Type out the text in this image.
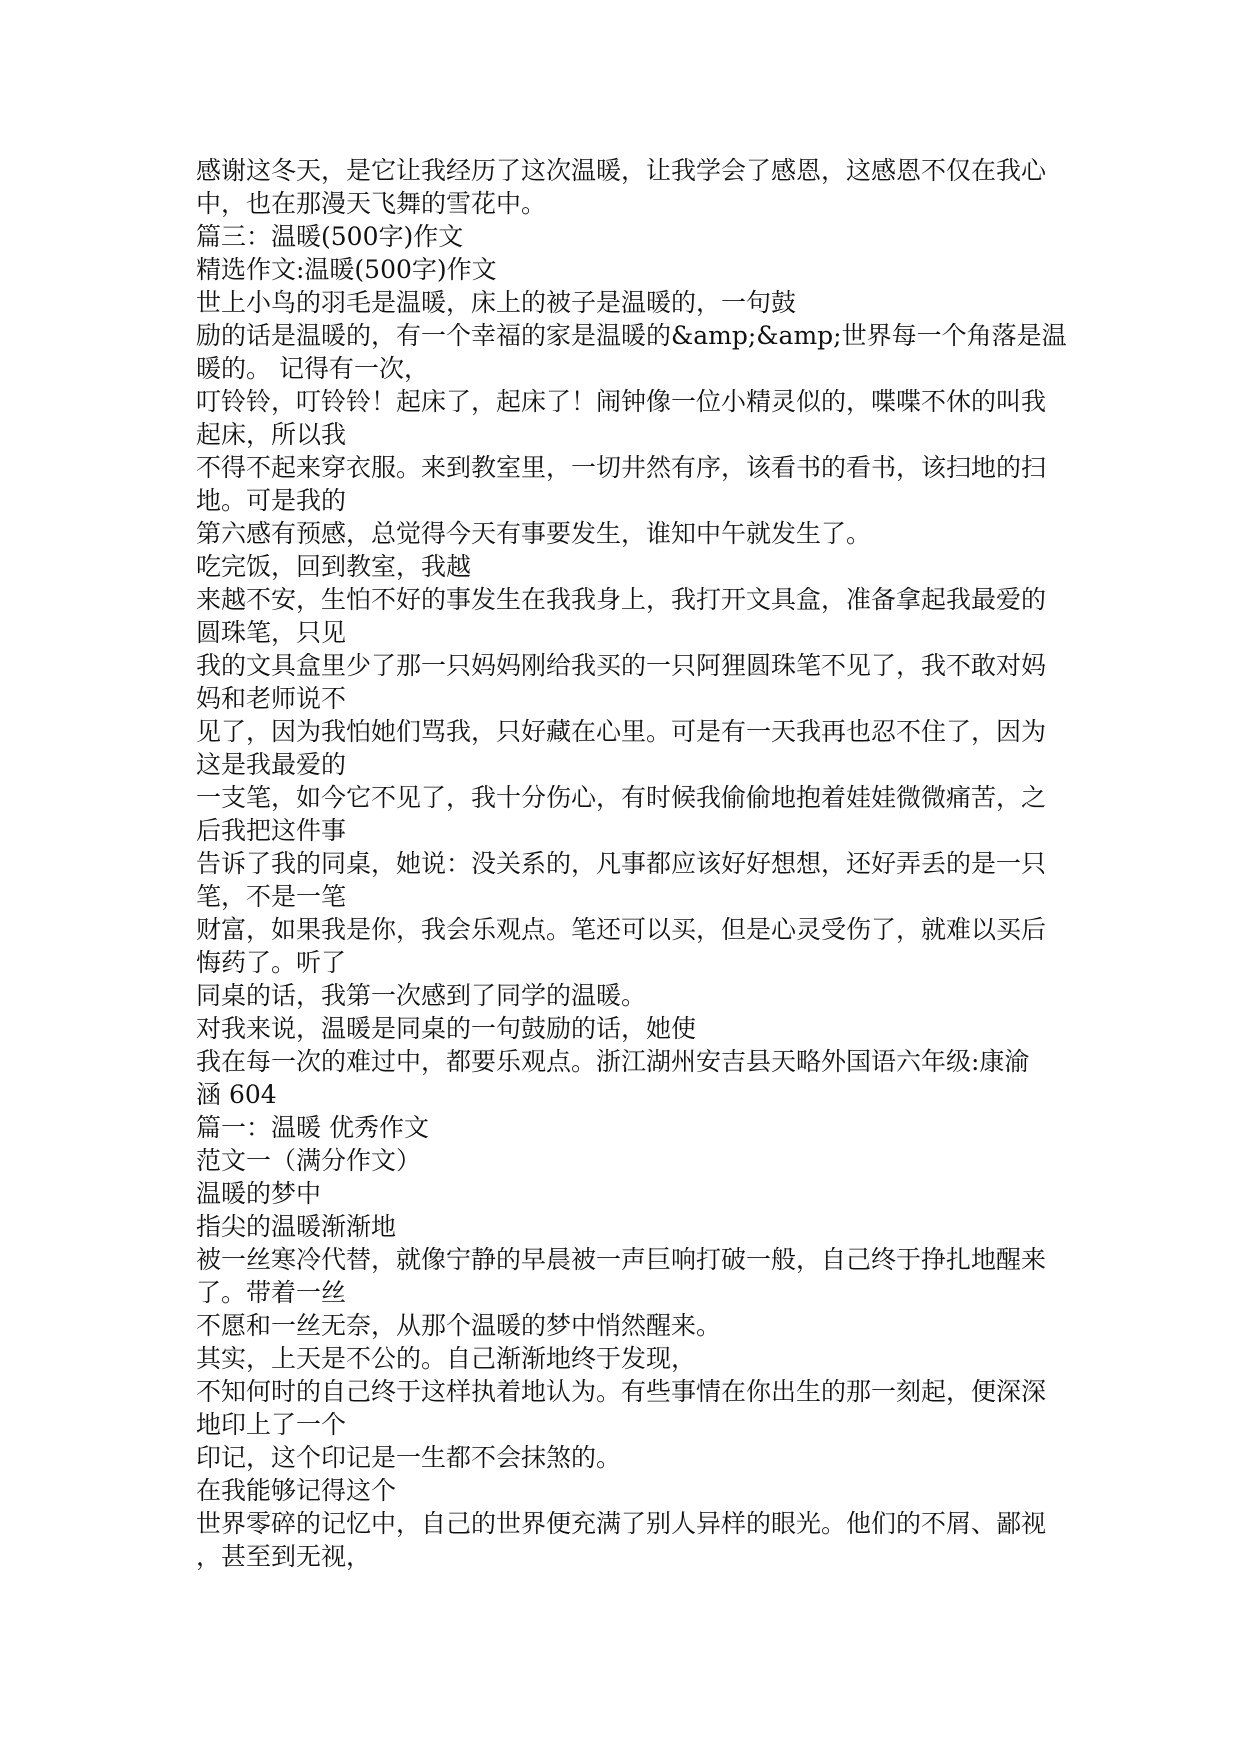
感谢这冬天，是它让我经历了这次温暖，让我学会了感恩，这感恩不仅在我心
中，也在那漫天飞舞的雪花中。
篇三：温暖(500字)作文
精选作文:温暖(500字)作文
世上小鸟的羽毛是温暖，床上的被子是温暖的，一句鼓
励的话是温暖的，有一个幸福的家是温暖的&amp;&amp;世界每一个角落是温
暖的。 记得有一次，
叮铃铃，叮铃铃！起床了，起床了！闹钟像一位小精灵似的，喋喋不休的叫我
起床，所以我
不得不起来穿衣服。来到教室里，一切井然有序，该看书的看书，该扫地的扫
地。可是我的
第六感有预感，总觉得今天有事要发生，谁知中午就发生了。
吃完饭，回到教室，我越
来越不安，生怕不好的事发生在我我身上，我打开文具盒，准备拿起我最爱的
圆珠笔，只见
我的文具盒里少了那一只妈妈刚给我买的一只阿狸圆珠笔不见了，我不敢对妈
妈和老师说不
见了，因为我怕她们骂我，只好藏在心里。可是有一天我再也忍不住了，因为
这是我最爱的
一支笔，如今它不见了，我十分伤心，有时候我偷偷地抱着娃娃微微痛苦，之
后我把这件事
告诉了我的同桌，她说：没关系的，凡事都应该好好想想，还好弄丢的是一只
笔，不是一笔
财富，如果我是你，我会乐观点。笔还可以买，但是心灵受伤了，就难以买后
悔药了。听了
同桌的话，我第一次感到了同学的温暖。
对我来说，温暖是同桌的一句鼓励的话，她使
我在每一次的难过中，都要乐观点。浙江湖州安吉县天略外国语六年级:康渝
涵 604
篇一：温暖 优秀作文
范文一（满分作文）
温暖的梦中
指尖的温暖渐渐地
被一丝寒冷代替，就像宁静的早晨被一声巨响打破一般，自己终于挣扎地醒来
了。带着一丝
不愿和一丝无奈，从那个温暖的梦中悄然醒来。
其实，上天是不公的。自己渐渐地终于发现，
不知何时的自己终于这样执着地认为。有些事情在你出生的那一刻起，便深深
地印上了一个
印记，这个印记是一生都不会抹煞的。
在我能够记得这个
世界零碎的记忆中，自己的世界便充满了别人异样的眼光。他们的不屑、鄙视
，甚至到无视，
